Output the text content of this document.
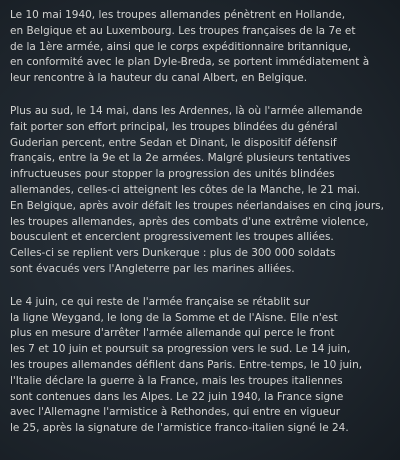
Le 10 mai 1940, les troupes allemandes pénètrent en Hollande,
en Belgique et au Luxembourg. Les troupes françaises de la 7e et
de la 1ère armée, ainsi que le corps expéditionnaire britannique,
en conformité avec le plan Dyle-Breda, se portent immédiatement à
leur rencontre à la hauteur du canal Albert, en Belgique.
Plus au sud, le 14 mai, dans les Ardennes, là où l'armée allemande
fait porter son effort principal, les troupes blindées du général
Guderian percent, entre Sedan et Dinant, le dispositif défensif
français, entre la 9e et la 2e armées. Malgré plusieurs tentatives
infructueuses pour stopper la progression des unités blindées
allemandes, celles-ci atteignent les côtes de la Manche, le 21 mai.
En Belgique, après avoir défait les troupes néerlandaises en cinq jours,
les troupes allemandes, après des combats d'une extrême violence,
bousculent et encerclent progressivement les troupes alliées.
Celles-ci se replient vers Dunkerque : plus de 300 000 soldats
sont évacués vers l'Angleterre par les marines alliées.
Le 4 juin, ce qui reste de l'armée française se rétablit sur
la ligne Weygand, le long de la Somme et de l'Aisne. Elle n'est
plus en mesure d'arrêter l'armée allemande qui perce le front
les 7 et 10 juin et poursuit sa progression vers le sud. Le 14 juin,
les troupes allemandes défilent dans Paris. Entre-temps, le 10 juin,
l'Italie déclare la guerre à la France, mais les troupes italiennes
sont contenues dans les Alpes. Le 22 juin 1940, la France signe
avec l'Allemagne l'armistice à Rethondes, qui entre en vigueur
le 25, après la signature de l'armistice franco-italien signé le 24.
